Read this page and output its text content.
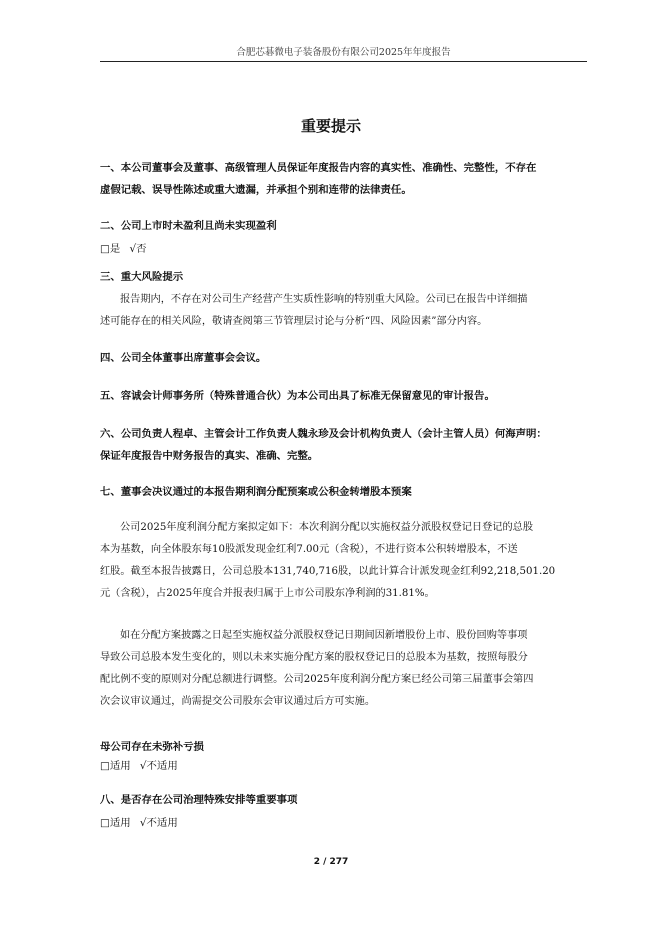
合肥芯碁微电子装备股份有限公司2025年年度报告
重要提示
一、本公司董事会及董事、高级管理人员保证年度报告内容的真实性、准确性、完整性，不存在
虚假记载、误导性陈述或重大遗漏，并承担个别和连带的法律责任。
二、公司上市时未盈利且尚未实现盈利
□是 √否
三、重大风险提示
报告期内，不存在对公司生产经营产生实质性影响的特别重大风险。公司已在报告中详细描
述可能存在的相关风险，敬请查阅第三节管理层讨论与分析“四、风险因素”部分内容。
四、公司全体董事出席董事会会议。
五、容诚会计师事务所（特殊普通合伙）为本公司出具了标准无保留意见的审计报告。
六、公司负责人程卓、主管会计工作负责人魏永珍及会计机构负责人（会计主管人员）何海声明：
保证年度报告中财务报告的真实、准确、完整。
七、董事会决议通过的本报告期利润分配预案或公积金转增股本预案
公司2025年度利润分配方案拟定如下：本次利润分配以实施权益分派股权登记日登记的总股
本为基数，向全体股东每10股派发现金红利7.00元（含税），不进行资本公积转增股本，不送
红股。截至本报告披露日，公司总股本131,740,716股，以此计算合计派发现金红利92,218,501.20
元（含税），占2025年度合并报表归属于上市公司股东净利润的31.81%。
如在分配方案披露之日起至实施权益分派股权登记日期间因新增股份上市、股份回购等事项
导致公司总股本发生变化的，则以未来实施分配方案的股权登记日的总股本为基数，按照每股分
配比例不变的原则对分配总额进行调整。公司2025年度利润分配方案已经公司第三届董事会第四
次会议审议通过，尚需提交公司股东会审议通过后方可实施。
母公司存在未弥补亏损
□适用 √不适用
八、是否存在公司治理特殊安排等重要事项
□适用 √不适用
2 / 277
